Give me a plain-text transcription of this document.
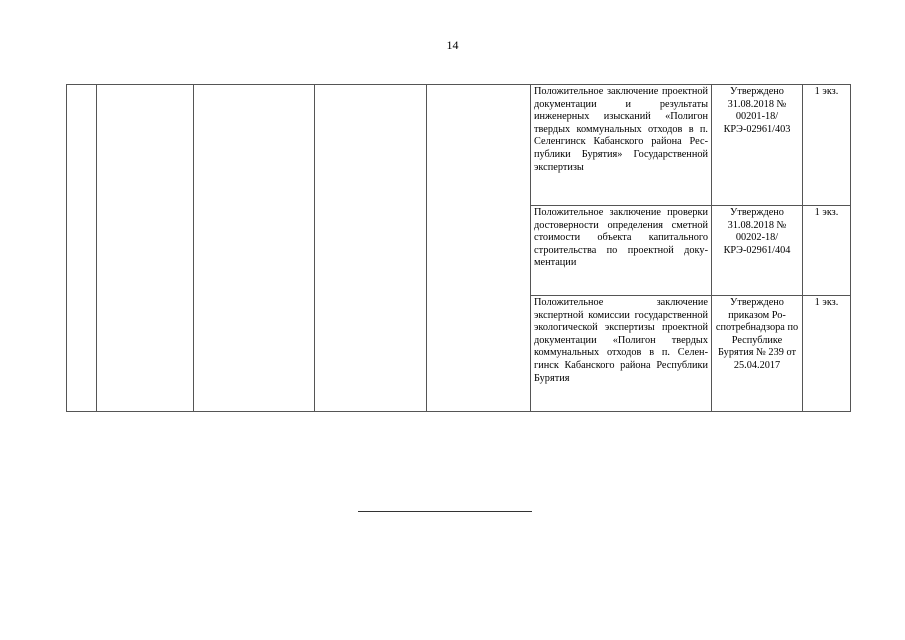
14
					Положительное заключение проектной документации и результаты инженерных изысканий «Полигон твердых коммунальных отходов в п. Селенгинск Кабанского района Республики Бурятия» Государственной экспертизы	Утверждено 31.08.2018 № 00201-18/КРЭ-02961/403	1 экз.
					Положительное заключение проверки достоверности определения сметной стоимости объекта капитального строительства по проектной документации	Утверждено 31.08.2018 № 00202-18/КРЭ-02961/404	1 экз.
					Положительное заключение экспертной комиссии государственной экологической экспертизы проектной документации «Полигон твердых коммунальных отходов в п. Селенгинск Кабанского района Республики Бурятия	Утверждено приказом Роспотребнадзора по Республике Бурятия № 239 от 25.04.2017	1 экз.
